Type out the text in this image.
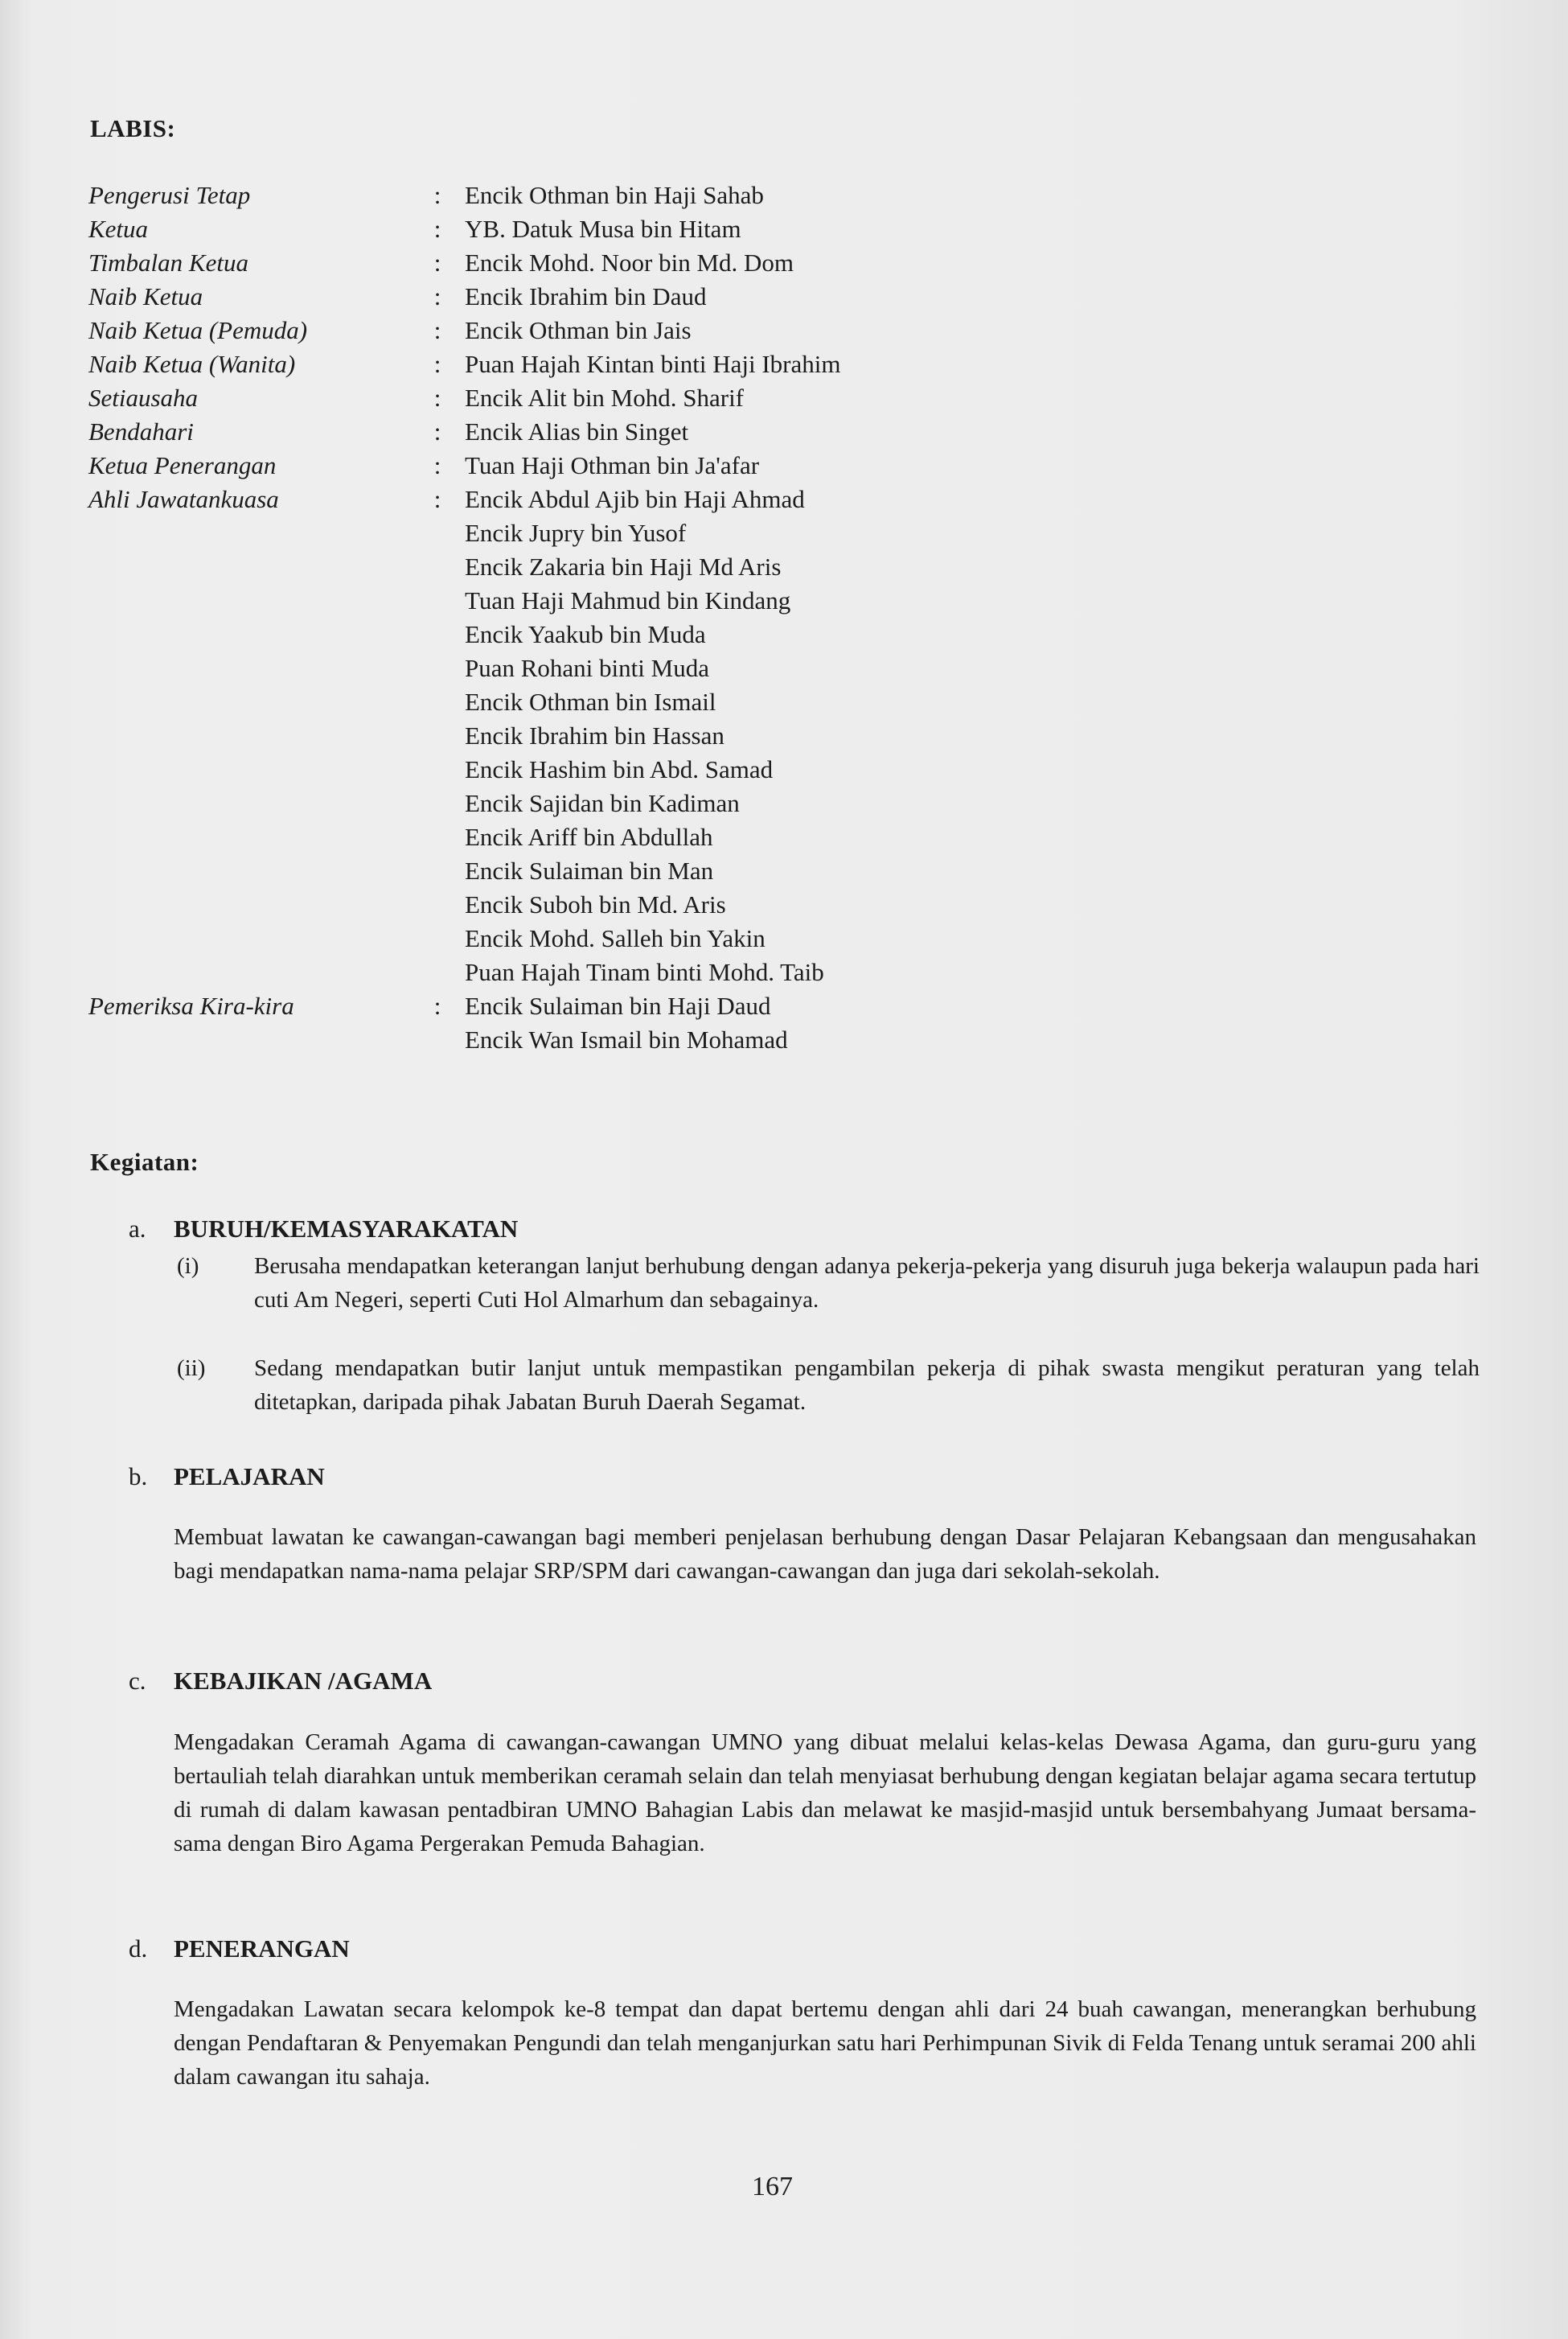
LABIS:
Pengerusi Tetap	: Encik Othman bin Haji Sahab
Ketua	: YB. Datuk Musa bin Hitam
Timbalan Ketua	: Encik Mohd. Noor bin Md. Dom
Naib Ketua	: Encik Ibrahim bin Daud
Naib Ketua (Pemuda)	: Encik Othman bin Jais
Naib Ketua (Wanita)	: Puan Hajah Kintan binti Haji Ibrahim
Setiausaha	: Encik Alit bin Mohd. Sharif
Bendahari	: Encik Alias bin Singet
Ketua Penerangan	: Tuan Haji Othman bin Ja'afar
Ahli Jawatankuasa	: Encik Abdul Ajib bin Haji Ahmad
Encik Jupry bin Yusof
Encik Zakaria bin Haji Md Aris
Tuan Haji Mahmud bin Kindang
Encik Yaakub bin Muda
Puan Rohani binti Muda
Encik Othman bin Ismail
Encik Ibrahim bin Hassan
Encik Hashim bin Abd. Samad
Encik Sajidan bin Kadiman
Encik Ariff bin Abdullah
Encik Sulaiman bin Man
Encik Suboh bin Md. Aris
Encik Mohd. Salleh bin Yakin
Puan Hajah Tinam binti Mohd. Taib
Pemeriksa Kira-kira	: Encik Sulaiman bin Haji Daud
Encik Wan Ismail bin Mohamad
Kegiatan:
a. BURUH/KEMASYARAKATAN
(i)	Berusaha mendapatkan keterangan lanjut berhubung dengan adanya pekerja-pekerja yang disuruh juga bekerja walaupun pada hari cuti Am Negeri, seperti Cuti Hol Almarhum dan sebagainya.
(ii)	Sedang mendapatkan butir lanjut untuk mempastikan pengambilan pekerja di pihak swasta mengikut peraturan yang telah ditetapkan, daripada pihak Jabatan Buruh Daerah Segamat.
b. PELAJARAN
Membuat lawatan ke cawangan-cawangan bagi memberi penjelasan berhubung dengan Dasar Pelajaran Kebangsaan dan mengusahakan bagi mendapatkan nama-nama pelajar SRP/SPM dari cawangan-cawangan dan juga dari sekolah-sekolah.
c. KEBAJIKAN /AGAMA
Mengadakan Ceramah Agama di cawangan-cawangan UMNO yang dibuat melalui kelas-kelas Dewasa Agama, dan guru-guru yang bertauliah telah diarahkan untuk memberikan ceramah selain dan telah menyiasat berhubung dengan kegiatan belajar agama secara tertutup di rumah di dalam kawasan pentadbiran UMNO Bahagian Labis dan melawat ke masjid-masjid untuk bersembahyang Jumaat bersama-sama dengan Biro Agama Pergerakan Pemuda Bahagian.
d. PENERANGAN
Mengadakan Lawatan secara kelompok ke-8 tempat dan dapat bertemu dengan ahli dari 24 buah cawangan, menerangkan berhubung dengan Pendaftaran & Penyemakan Pengundi dan telah menganjurkan satu hari Perhimpunan Sivik di Felda Tenang untuk seramai 200 ahli dalam cawangan itu sahaja.
167
